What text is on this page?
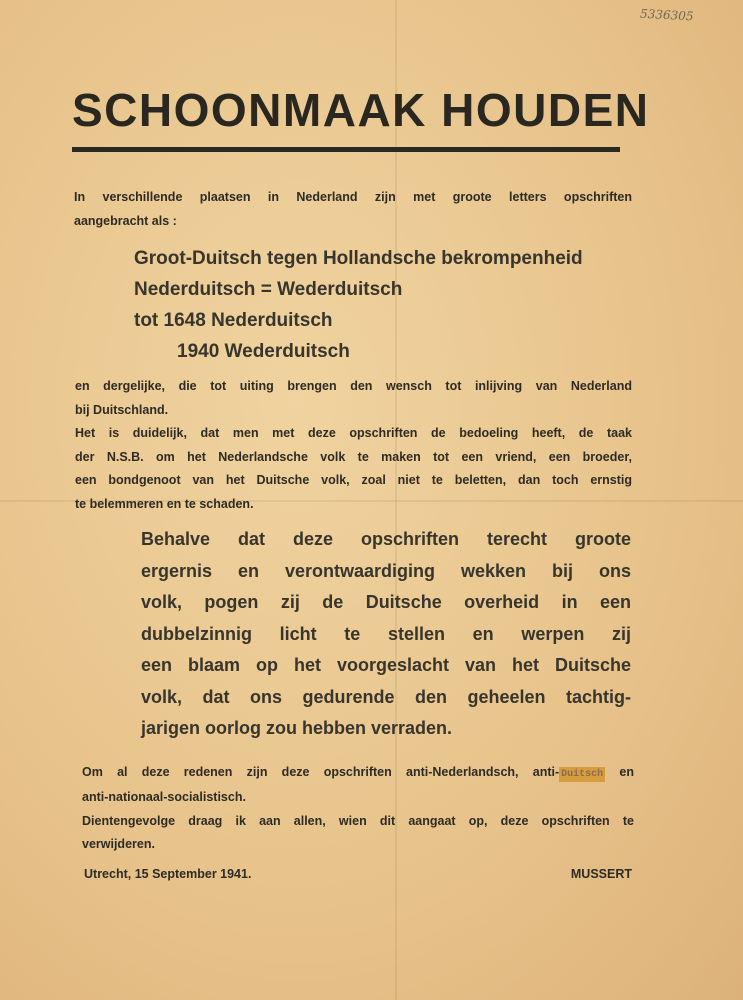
5336305
SCHOONMAAK HOUDEN
In verschillende plaatsen in Nederland zijn met groote letters opschriften
aangebracht als :
Groot-Duitsch tegen Hollandsche bekrompenheid
Nederduitsch = Wederduitsch
tot 1648 Nederduitsch
1940 Wederduitsch
en dergelijke, die tot uiting brengen den wensch tot inlijving van Nederland
bij Duitschland.
Het is duidelijk, dat men met deze opschriften de bedoeling heeft, de taak
der N.S.B. om het Nederlandsche volk te maken tot een vriend, een broeder,
een bondgenoot van het Duitsche volk, zoal niet te beletten, dan toch ernstig
te belemmeren en te schaden.
Behalve dat deze opschriften terecht groote
ergernis en verontwaardiging wekken bij ons
volk, pogen zij de Duitsche overheid in een
dubbelzinnig licht te stellen en werpen zij
een blaam op het voorgeslacht van het Duitsche
volk, dat ons gedurende den geheelen tachtig-
jarigen oorlog zou hebben verraden.
Om al deze redenen zijn deze opschriften anti-Nederlandsch, anti- Duitsch en
anti-nationaal-socialistisch.
Dientengevolge draag ik aan allen, wien dit aangaat op, deze opschriften te
verwijderen.
Utrecht, 15 September 1941.	MUSSERT
